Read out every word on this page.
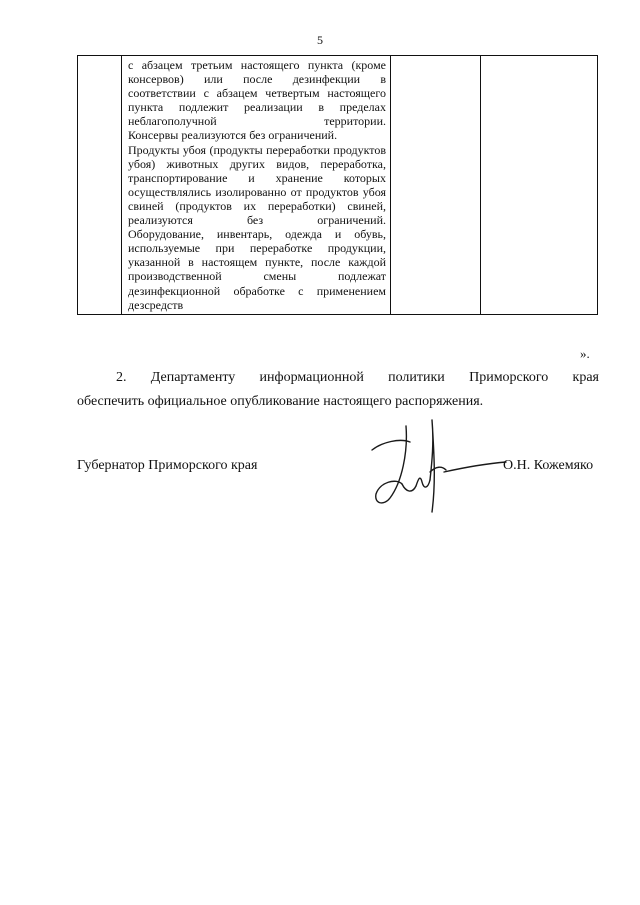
5

с абзацем третьим настоящего пункта (кроме консервов) или после дезинфекции в соответствии с абзацем четвертым настоящего пункта подлежит реализации в пределах неблагополучной территории.

Консервы реализуются без ограничений.

Продукты убоя (продукты переработки продуктов убоя) животных других видов, переработка, транспортирование и хранение которых осуществлялись изолированно от продуктов убоя свиней (продуктов их переработки) свиней, реализуются без ограничений.

Оборудование, инвентарь, одежда и обувь, используемые при переработке продукции, указанной в настоящем пункте, после каждой производственной смены подлежат дезинфекционной обработке с применением дезсредств

».
2. Департаменту информационной политики Приморского края
обеспечить официальное опубликование настоящего распоряжения.
Губернатор Приморского края	О.Н. Кожемяко
